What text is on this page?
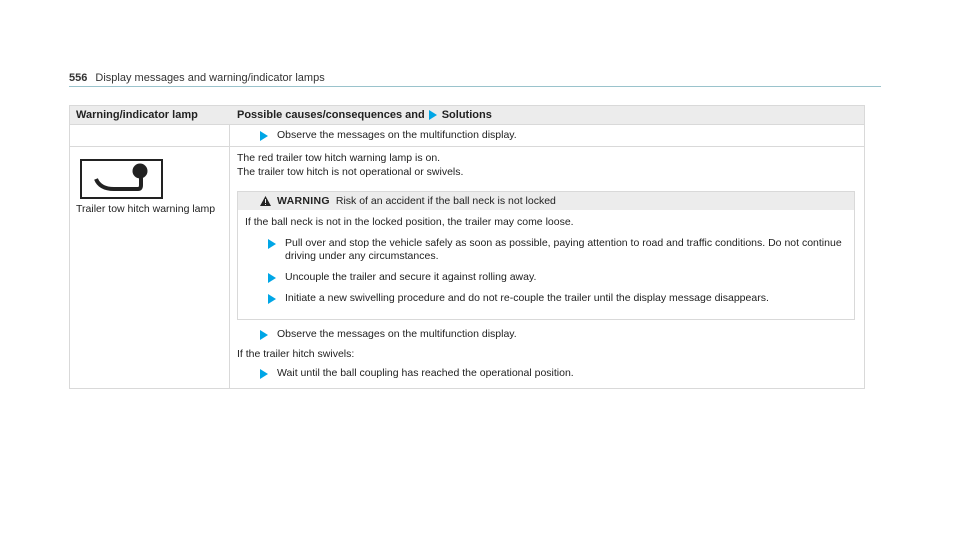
556 Display messages and warning/indicator lamps
Warning/indicator lamp	Possible causes/consequences and Solutions
Observe the messages on the multifunction display.
Trailer tow hitch warning lamp

The red trailer tow hitch warning lamp is on.

The trailer tow hitch is not operational or swivels.

WARNING Risk of an accident if the ball neck is not locked

If the ball neck is not in the locked position, the trailer may come loose.

Pull over and stop the vehicle safely as soon as possible, paying attention to road and traffic conditions. Do not continue driving under any circumstances.
Uncouple the trailer and secure it against rolling away.
Initiate a new swivelling procedure and do not re-couple the trailer until the display message disappears.
Observe the messages on the multifunction display.

If the trailer hitch swivels:

Wait until the ball coupling has reached the operational position.
